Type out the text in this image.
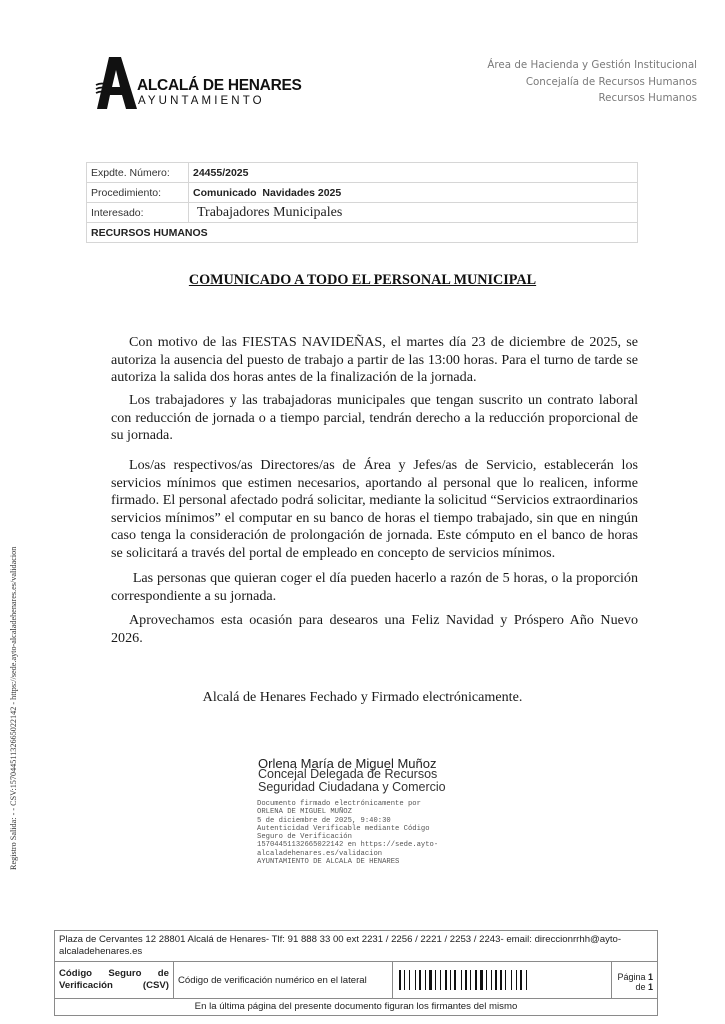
ALCALÁ DE HENARES
AYUNTAMIENTO
Área de Hacienda y Gestión Institucional
Concejalía de Recursos Humanos
Recursos Humanos
Expdte. Número:	24455/2025
Procedimiento:	Comunicado  Navidades 2025
Interesado:	Trabajadores Municipales
RECURSOS HUMANOS	
COMUNICADO A TODO EL PERSONAL MUNICIPAL
Con motivo de las FIESTAS NAVIDEÑAS, el martes día 23 de diciembre de 2025, se autoriza la ausencia del puesto de trabajo a partir de las 13:00 horas. Para el turno de tarde se autoriza la salida dos horas antes de la finalización de la jornada.
Los trabajadores y las trabajadoras municipales que tengan suscrito un contrato laboral con reducción de jornada o a tiempo parcial, tendrán derecho a la reducción proporcional de su jornada.
Los/as respectivos/as Directores/as de Área y Jefes/as de Servicio, establecerán los servicios mínimos que estimen necesarios, aportando al personal que lo realicen, informe firmado. El personal afectado podrá solicitar, mediante la solicitud “Servicios extraordinarios servicios mínimos” el computar en su banco de horas el tiempo trabajado, sin que en ningún caso tenga la consideración de prolongación de jornada. Este cómputo en el banco de horas se solicitará a través del portal de empleado en concepto de servicios mínimos.
Las personas que quieran coger el día pueden hacerlo a razón de 5 horas, o la proporción correspondiente a su jornada.
Aprovechamos esta ocasión para desearos una Feliz Navidad y Próspero Año Nuevo 2026.
Alcalá de Henares Fechado y Firmado electrónicamente.
Orlena María de Miguel Muñoz
Concejal Delegada de Recursos
Seguridad Ciudadana y Comercio
Documento firmado electrónicamente por
ORLENA DE MIGUEL MUÑOZ
5 de diciembre de 2025, 9:40:30
Autenticidad Verificable mediante Código
Seguro de Verificación
15704451132665022142 en https://sede.ayto-
alcaladehenares.es/validacion
AYUNTAMIENTO DE ALCALA DE HENARES
Registro Salida: - - CSV:15704451132665022142 - https://sede.ayto-alcaladehenares.es/validacion
Plaza de Cervantes 12 28801 Alcalá de Henares- Tlf: 91 888 33 00 ext 2231 / 2256 / 2221 / 2253 / 2243- email: direccionrrhh@ayto-alcaladehenares.es
Código Seguro de Verificación (CSV)	Código de verificación numérico en el lateral		Página 1 de 1
En la última página del presente documento figuran los firmantes del mismo
